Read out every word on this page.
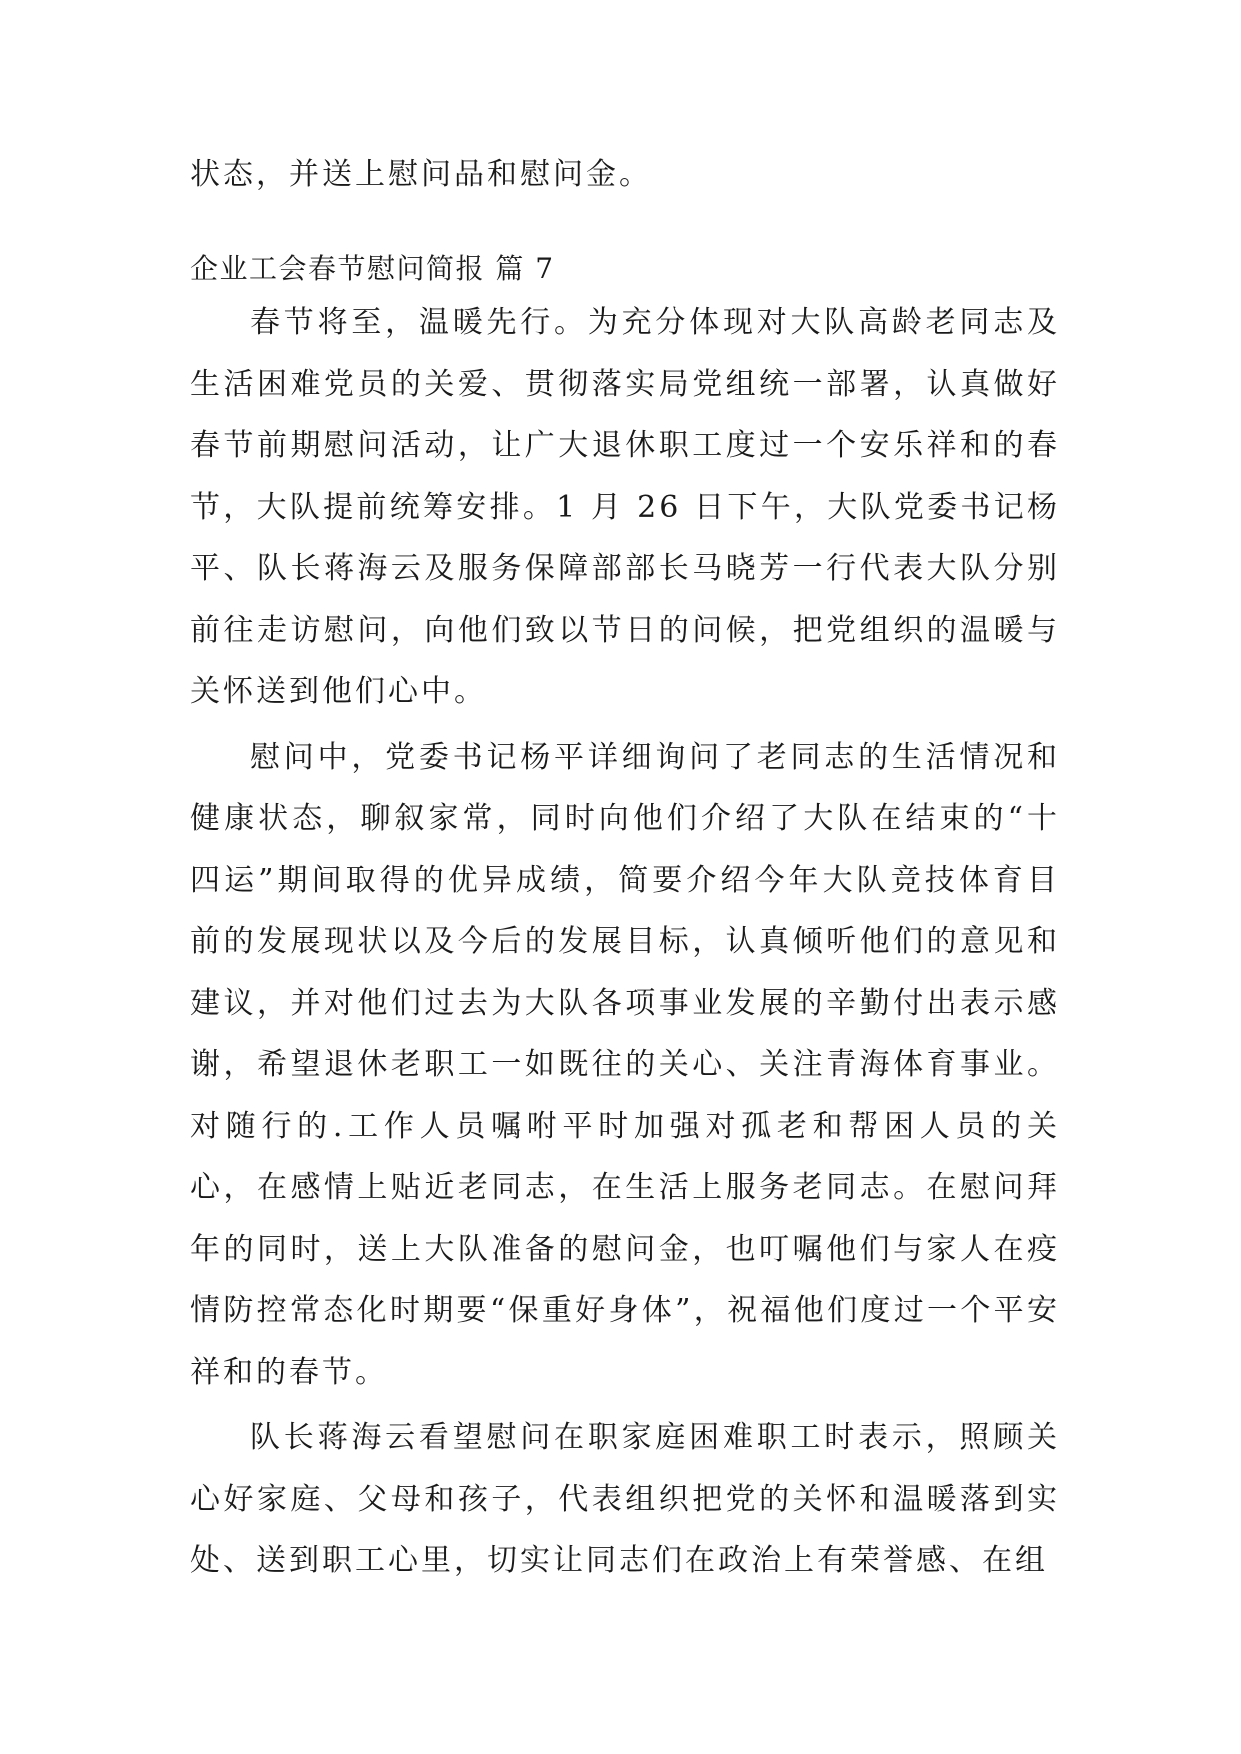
状态，并送上慰问品和慰问金。
企业工会春节慰问简报 篇 7

春节将至，温暖先行。为充分体现对大队高龄老同志及生活困难党员的关爱、贯彻落实局党组统一部署，认真做好春节前期慰问活动，让广大退休职工度过一个安乐祥和的春节，大队提前统筹安排。1 月 26 日下午，大队党委书记杨平、队长蒋海云及服务保障部部长马晓芳一行代表大队分别前往走访慰问，向他们致以节日的问候，把党组织的温暖与关怀送到他们心中。

慰问中，党委书记杨平详细询问了老同志的生活情况和健康状态，聊叙家常，同时向他们介绍了大队在结束的“十四运”期间取得的优异成绩，简要介绍今年大队竞技体育目前的发展现状以及今后的发展目标，认真倾听他们的意见和建议，并对他们过去为大队各项事业发展的辛勤付出表示感谢，希望退休老职工一如既往的关心、关注青海体育事业。对随行的.工作人员嘱咐平时加强对孤老和帮困人员的关心，在感情上贴近老同志，在生活上服务老同志。在慰问拜年的同时，送上大队准备的慰问金，也叮嘱他们与家人在疫情防控常态化时期要“保重好身体”，祝福他们度过一个平安祥和的春节。

队长蒋海云看望慰问在职家庭困难职工时表示，照顾关心好家庭、父母和孩子，代表组织把党的关怀和温暖落到实处、送到职工心里，切实让同志们在政治上有荣誉感、在组
